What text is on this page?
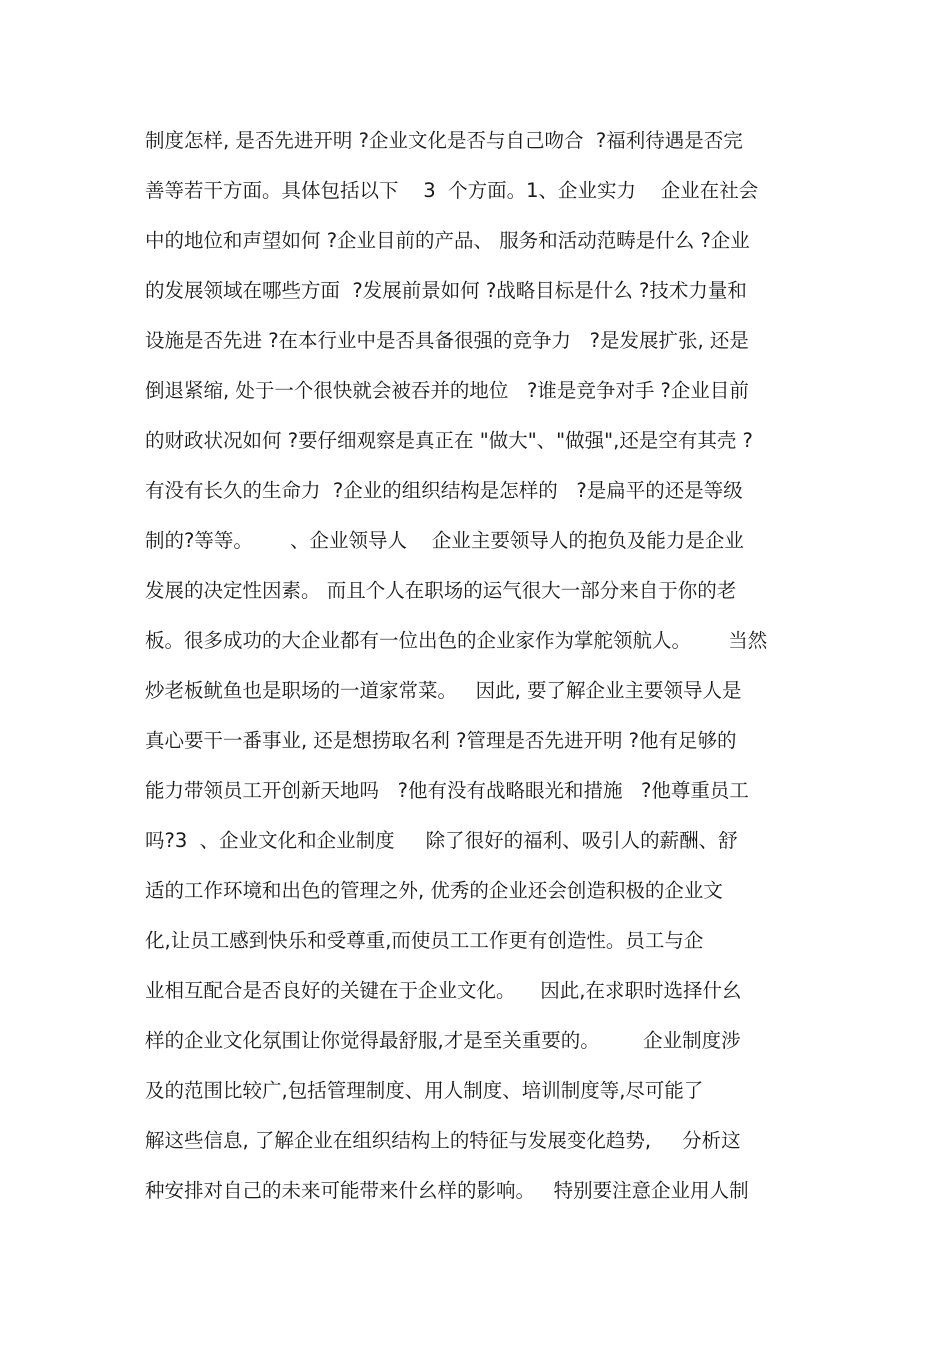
制度怎样, 是否先进开明 ?企业文化是否与自己吻合  ?福利待遇是否完
善等若干方面。具体包括以下    3  个方面。1、企业实力    企业在社会
中的地位和声望如何 ?企业目前的产品、 服务和活动范畴是什么 ?企业
的发展领域在哪些方面  ?发展前景如何 ?战略目标是什么 ?技术力量和
设施是否先进 ?在本行业中是否具备很强的竞争力   ?是发展扩张, 还是
倒退紧缩, 处于一个很快就会被吞并的地位   ?谁是竞争对手 ?企业目前
的财政状况如何 ?要仔细观察是真正在 "做大"、"做强",还是空有其壳 ?
有没有长久的生命力  ?企业的组织结构是怎样的   ?是扁平的还是等级
制的?等等。      、企业领导人    企业主要领导人的抱负及能力是企业
发展的决定性因素。 而且个人在职场的运气很大一部分来自于你的老
板。很多成功的大企业都有一位出色的企业家作为掌舵领航人。      当然
炒老板鱿鱼也是职场的一道家常菜。   因此, 要了解企业主要领导人是
真心要干一番事业, 还是想捞取名利 ?管理是否先进开明 ?他有足够的
能力带领员工开创新天地吗   ?他有没有战略眼光和措施   ?他尊重员工
吗?3  、企业文化和企业制度     除了很好的福利、吸引人的薪酬、舒
适的工作环境和出色的管理之外, 优秀的企业还会创造积极的企业文
化,让员工感到快乐和受尊重,而使员工工作更有创造性。员工与企
业相互配合是否良好的关键在于企业文化。    因此,在求职时选择什幺
样的企业文化氛围让你觉得最舒服,才是至关重要的。       企业制度涉
及的范围比较广,包括管理制度、用人制度、培训制度等,尽可能了
解这些信息, 了解企业在组织结构上的特征与发展变化趋势,     分析这
种安排对自己的未来可能带来什幺样的影响。   特别要注意企业用人制
